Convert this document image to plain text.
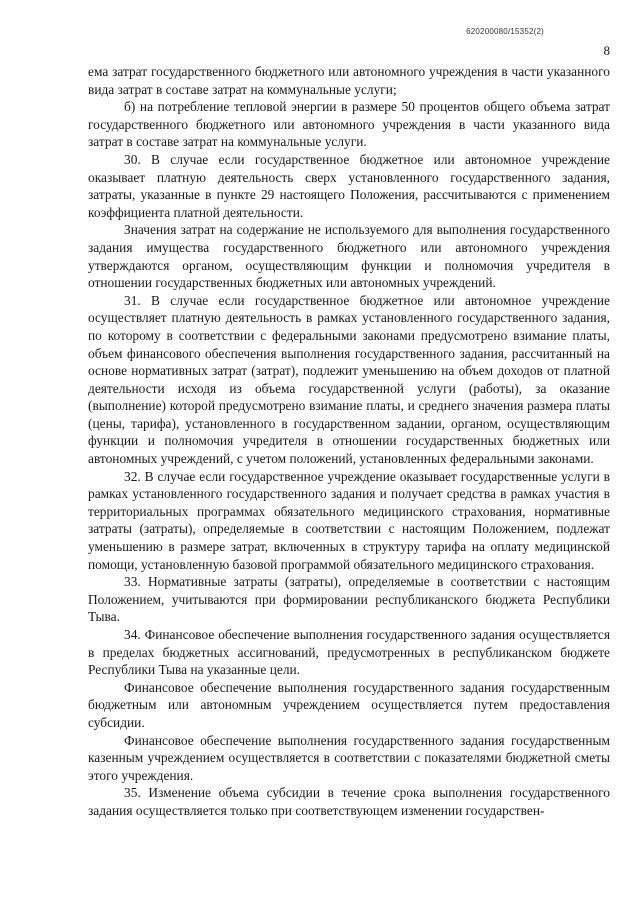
620200080/15352(2)
8

ема затрат государственного бюджетного или автономного учреждения в части указанного вида затрат в составе затрат на коммунальные услуги;

б) на потребление тепловой энергии в размере 50 процентов общего объема затрат государственного бюджетного или автономного учреждения в части указанного вида затрат в составе затрат на коммунальные услуги.

30. В случае если государственное бюджетное или автономное учреждение оказывает платную деятельность сверх установленного государственного задания, затраты, указанные в пункте 29 настоящего Положения, рассчитываются с применением коэффициента платной деятельности.

Значения затрат на содержание не используемого для выполнения государственного задания имущества государственного бюджетного или автономного учреждения утверждаются органом, осуществляющим функции и полномочия учредителя в отношении государственных бюджетных или автономных учреждений.

31. В случае если государственное бюджетное или автономное учреждение осуществляет платную деятельность в рамках установленного государственного задания, по которому в соответствии с федеральными законами предусмотрено взимание платы, объем финансового обеспечения выполнения государственного задания, рассчитанный на основе нормативных затрат (затрат), подлежит уменьшению на объем доходов от платной деятельности исходя из объема государственной услуги (работы), за оказание (выполнение) которой предусмотрено взимание платы, и среднего значения размера платы (цены, тарифа), установленного в государственном задании, органом, осуществляющим функции и полномочия учредителя в отношении государственных бюджетных или автономных учреждений, с учетом положений, установленных федеральными законами.

32. В случае если государственное учреждение оказывает государственные услуги в рамках установленного государственного задания и получает средства в рамках участия в территориальных программах обязательного медицинского страхования, нормативные затраты (затраты), определяемые в соответствии с настоящим Положением, подлежат уменьшению в размере затрат, включенных в структуру тарифа на оплату медицинской помощи, установленную базовой программой обязательного медицинского страхования.

33. Нормативные затраты (затраты), определяемые в соответствии с настоящим Положением, учитываются при формировании республиканского бюджета Республики Тыва.

34. Финансовое обеспечение выполнения государственного задания осуществляется в пределах бюджетных ассигнований, предусмотренных в республиканском бюджете Республики Тыва на указанные цели.

Финансовое обеспечение выполнения государственного задания государственным бюджетным или автономным учреждением осуществляется путем предоставления субсидии.

Финансовое обеспечение выполнения государственного задания государственным казенным учреждением осуществляется в соответствии с показателями бюджетной сметы этого учреждения.

35. Изменение объема субсидии в течение срока выполнения государственного задания осуществляется только при соответствующем изменении государствен-
